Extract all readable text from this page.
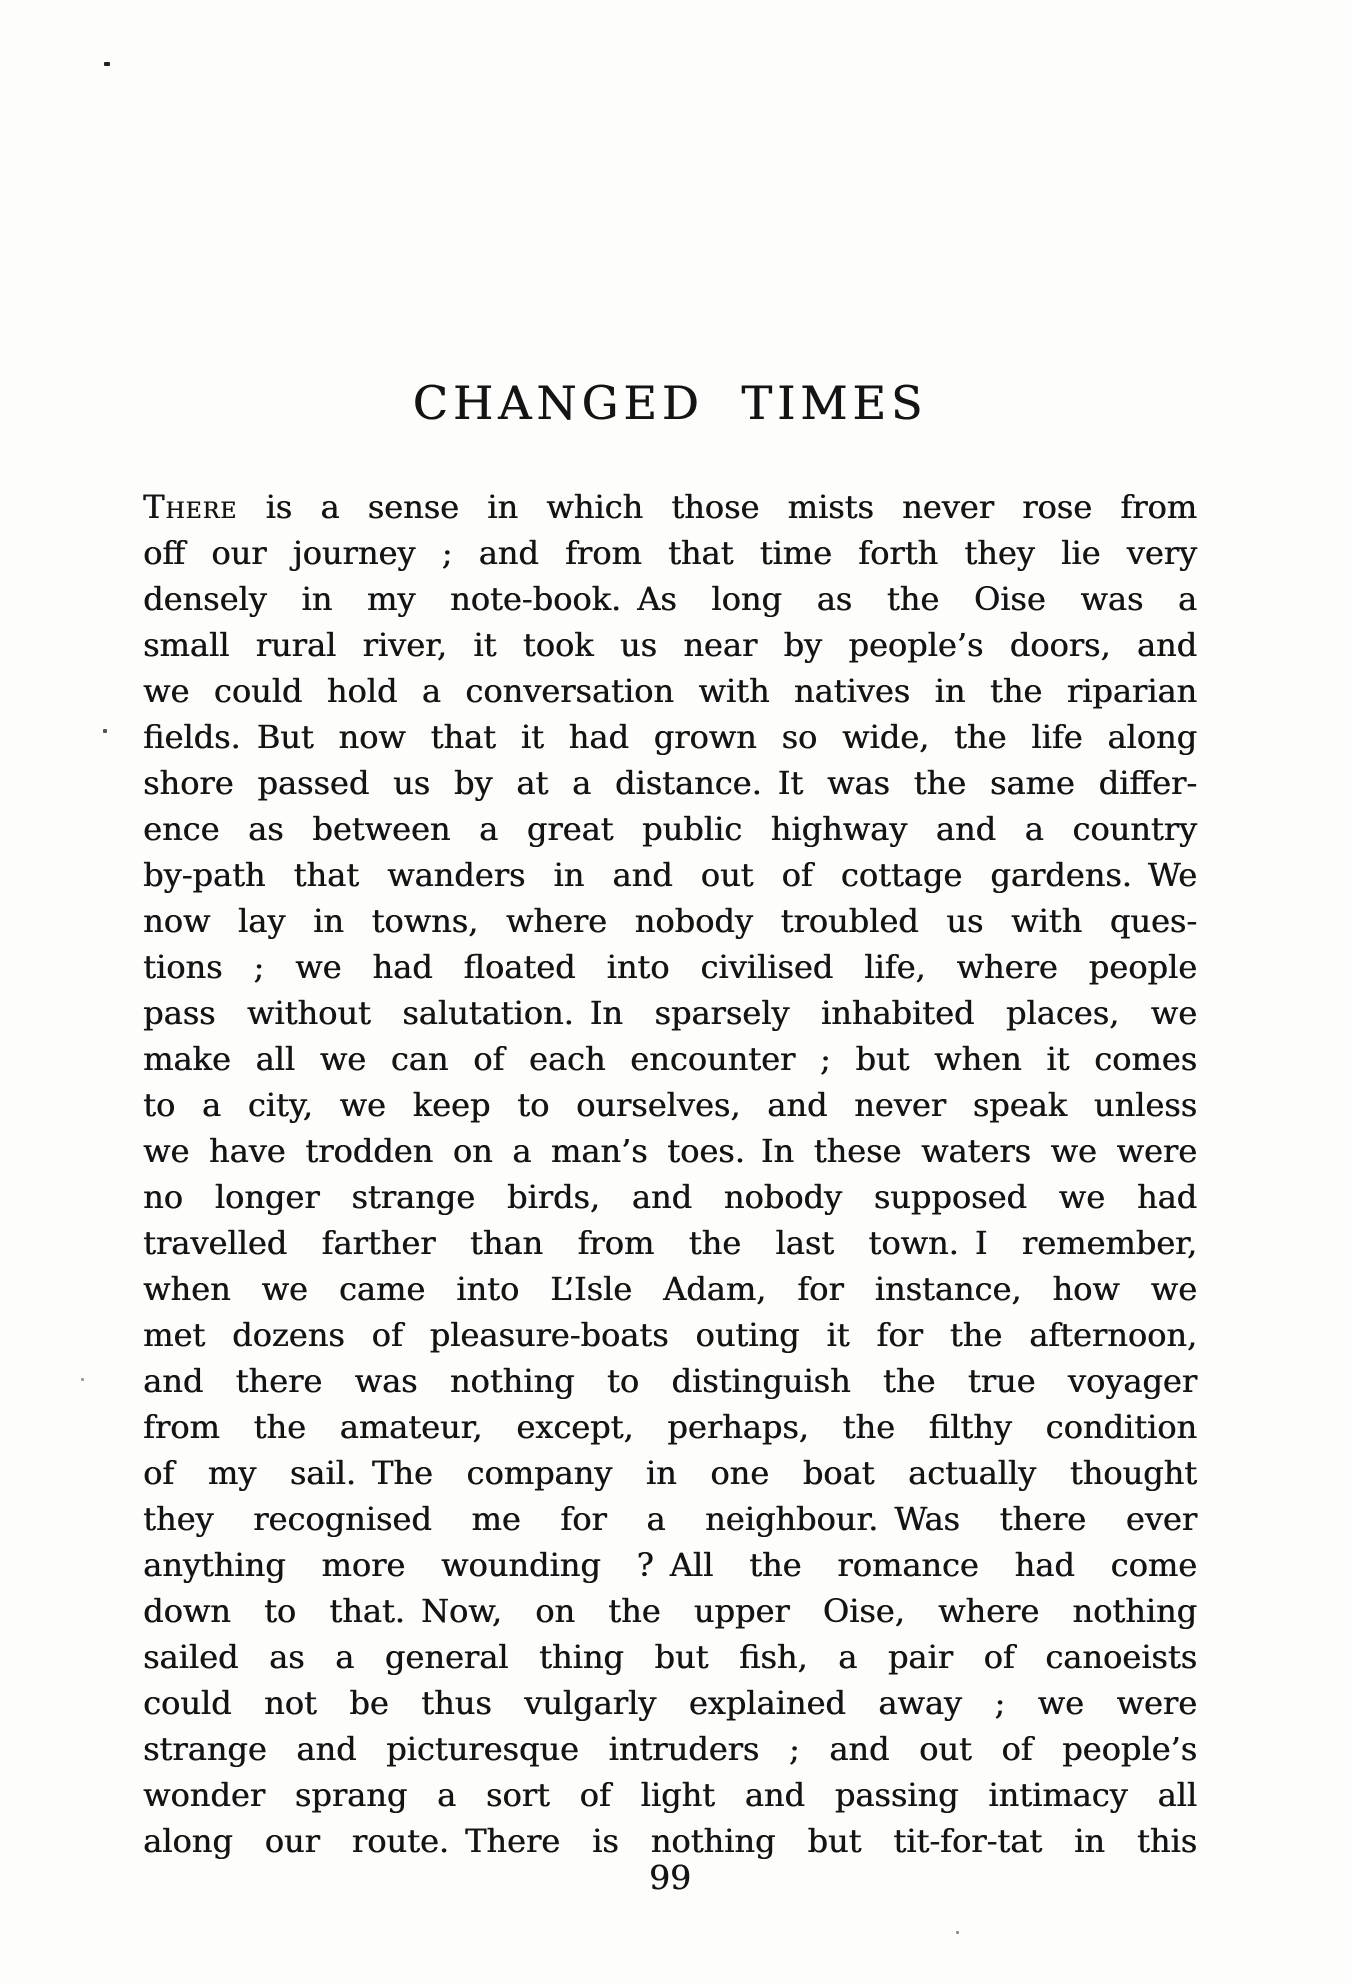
CHANGED TIMES
There is a sense in which those mists never rose from
off our journey ; and from that time forth they lie very
densely in my note-book. As long as the Oise was a
small rural river, it took us near by people’s doors, and
we could hold a conversation with natives in the riparian
fields. But now that it had grown so wide, the life along
shore passed us by at a distance. It was the same differ-
ence as between a great public highway and a country
by-path that wanders in and out of cottage gardens. We
now lay in towns, where nobody troubled us with ques-
tions ; we had floated into civilised life, where people
pass without salutation. In sparsely inhabited places, we
make all we can of each encounter ; but when it comes
to a city, we keep to ourselves, and never speak unless
we have trodden on a man’s toes. In these waters we were
no longer strange birds, and nobody supposed we had
travelled farther than from the last town. I remember,
when we came into L’Isle Adam, for instance, how we
met dozens of pleasure-boats outing it for the afternoon,
and there was nothing to distinguish the true voyager
from the amateur, except, perhaps, the filthy condition
of my sail. The company in one boat actually thought
they recognised me for a neighbour. Was there ever
anything more wounding ? All the romance had come
down to that. Now, on the upper Oise, where nothing
sailed as a general thing but fish, a pair of canoeists
could not be thus vulgarly explained away ; we were
strange and picturesque intruders ; and out of people’s
wonder sprang a sort of light and passing intimacy all
along our route. There is nothing but tit-for-tat in this
99
